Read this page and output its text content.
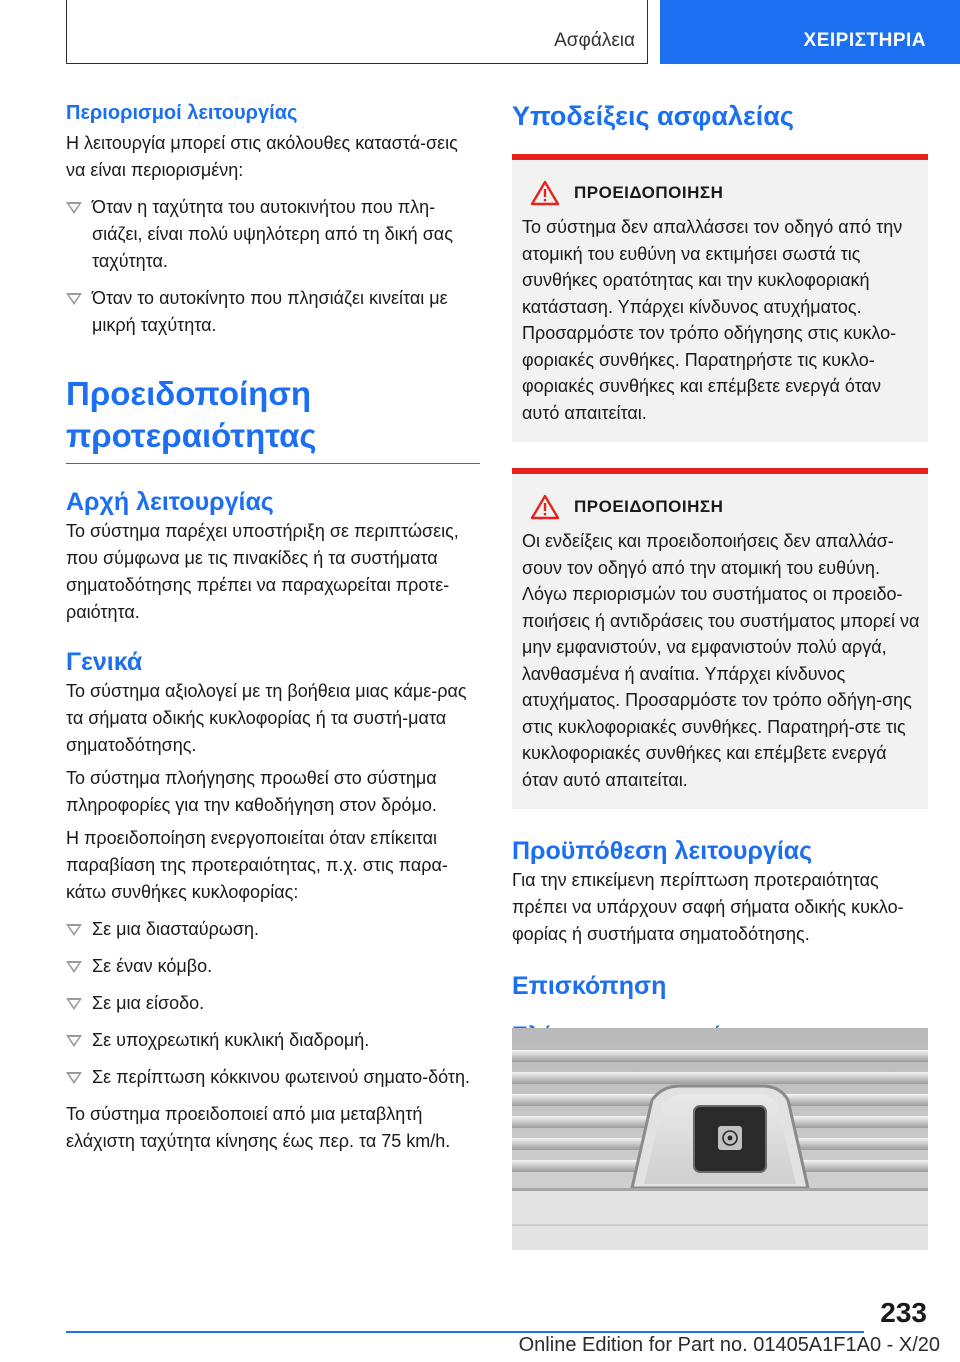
Ασφάλεια	ΧΕΙΡΙΣΤΗΡΙΑ
Περιορισμοί λειτουργίας

Η λειτουργία μπορεί στις ακόλουθες καταστά-σεις να είναι περιορισμένη:

Όταν η ταχύτητα του αυτοκινήτου που πλη-σιάζει, είναι πολύ υψηλότερη από τη δική σας ταχύτητα.
Όταν το αυτοκίνητο που πλησιάζει κινείται με μικρή ταχύτητα.
Προειδοποίηση προτεραιότητας
Αρχή λειτουργίας

Το σύστημα παρέχει υποστήριξη σε περιπτώσεις, που σύμφωνα με τις πινακίδες ή τα συστήματα σηματοδότησης πρέπει να παραχωρείται προτε-ραιότητα.

Γενικά

Το σύστημα αξιολογεί με τη βοήθεια μιας κάμε-ρας τα σήματα οδικής κυκλοφορίας ή τα συστή-ματα σηματοδότησης.

Το σύστημα πλοήγησης προωθεί στο σύστημα πληροφορίες για την καθοδήγηση στον δρόμο.

Η προειδοποίηση ενεργοποιείται όταν επίκειται παραβίαση της προτεραιότητας, π.χ. στις παρα-κάτω συνθήκες κυκλοφορίας:

Σε μια διασταύρωση.
Σε έναν κόμβο.
Σε μια είσοδο.
Σε υποχρεωτική κυκλική διαδρομή.
Σε περίπτωση κόκκινου φωτεινού σηματο-δότη.

Το σύστημα προειδοποιεί από μια μεταβλητή ελάχιστη ταχύτητα κίνησης έως περ. τα 75 km/h.

Υποδείξεις ασφαλείας
ΠΡΟΕΙΔΟΠΟΙΗΣΗ

Το σύστημα δεν απαλλάσσει τον οδηγό από την ατομική του ευθύνη να εκτιμήσει σωστά τις συνθήκες ορατότητας και την κυκλοφοριακή κατάσταση. Υπάρχει κίνδυνος ατυχήματος. Προσαρμόστε τον τρόπο οδήγησης στις κυκλο-φοριακές συνθήκες. Παρατηρήστε τις κυκλο-φοριακές συνθήκες και επέμβετε ενεργά όταν αυτό απαιτείται.

ΠΡΟΕΙΔΟΠΟΙΗΣΗ

Οι ενδείξεις και προειδοποιήσεις δεν απαλλάσ-σουν τον οδηγό από την ατομική του ευθύνη. Λόγω περιορισμών του συστήματος οι προειδο-ποιήσεις ή αντιδράσεις του συστήματος μπορεί να μην εμφανιστούν, να εμφανιστούν πολύ αργά, λανθασμένα ή αναίτια. Υπάρχει κίνδυνος ατυχήματος. Προσαρμόστε τον τρόπο οδήγη-σης στις κυκλοφοριακές συνθήκες. Παρατηρή-στε τις κυκλοφοριακές συνθήκες και επέμβετε ενεργά όταν αυτό απαιτείται.

Προϋπόθεση λειτουργίας

Για την επικείμενη περίπτωση προτεραιότητας πρέπει να υπάρχουν σαφή σήματα οδικής κυκλο-φορίας ή συστήματα σηματοδότησης.

Επισκόπηση
233
Online Edition for Part no. 01405A1F1A0 - X/20
